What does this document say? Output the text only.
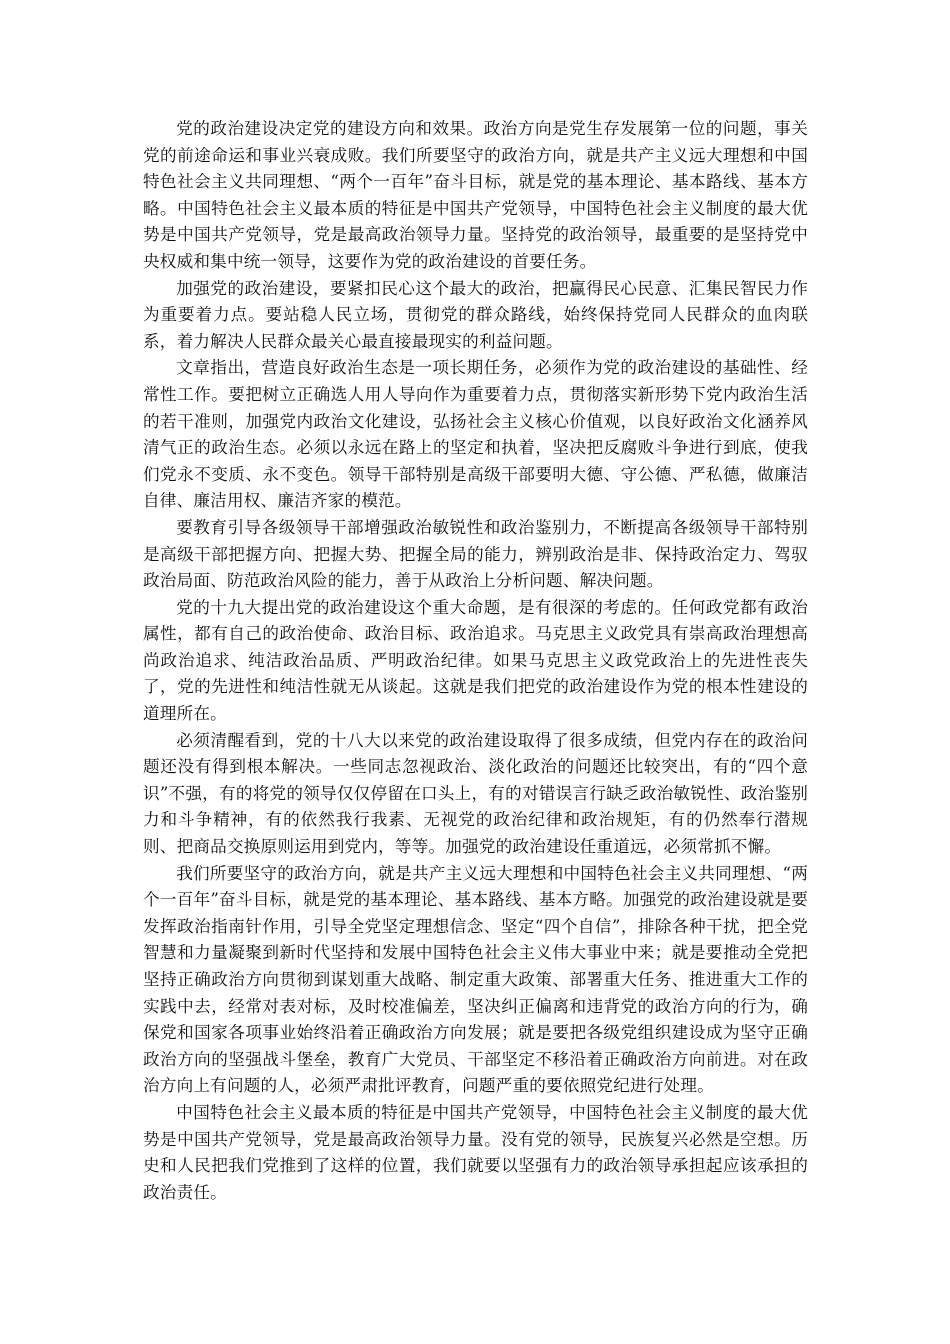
党的政治建设决定党的建设方向和效果。政治方向是党生存发展第一位的问题，事关党的前途命运和事业兴衰成败。我们所要坚守的政治方向，就是共产主义远大理想和中国特色社会主义共同理想、“两个一百年”奋斗目标，就是党的基本理论、基本路线、基本方略。中国特色社会主义最本质的特征是中国共产党领导，中国特色社会主义制度的最大优势是中国共产党领导，党是最高政治领导力量。坚持党的政治领导，最重要的是坚持党中央权威和集中统一领导，这要作为党的政治建设的首要任务。

加强党的政治建设，要紧扣民心这个最大的政治，把赢得民心民意、汇集民智民力作为重要着力点。要站稳人民立场，贯彻党的群众路线，始终保持党同人民群众的血肉联系，着力解决人民群众最关心最直接最现实的利益问题。

文章指出，营造良好政治生态是一项长期任务，必须作为党的政治建设的基础性、经常性工作。要把树立正确选人用人导向作为重要着力点，贯彻落实新形势下党内政治生活的若干准则，加强党内政治文化建设，弘扬社会主义核心价值观，以良好政治文化涵养风清气正的政治生态。必须以永远在路上的坚定和执着，坚决把反腐败斗争进行到底，使我们党永不变质、永不变色。领导干部特别是高级干部要明大德、守公德、严私德，做廉洁自律、廉洁用权、廉洁齐家的模范。

要教育引导各级领导干部增强政治敏锐性和政治鉴别力，不断提高各级领导干部特别是高级干部把握方向、把握大势、把握全局的能力，辨别政治是非、保持政治定力、驾驭政治局面、防范政治风险的能力，善于从政治上分析问题、解决问题。

党的十九大提出党的政治建设这个重大命题，是有很深的考虑的。任何政党都有政治属性，都有自己的政治使命、政治目标、政治追求。马克思主义政党具有崇高政治理想高尚政治追求、纯洁政治品质、严明政治纪律。如果马克思主义政党政治上的先进性丧失了，党的先进性和纯洁性就无从谈起。这就是我们把党的政治建设作为党的根本性建设的道理所在。

必须清醒看到，党的十八大以来党的政治建设取得了很多成绩，但党内存在的政治问题还没有得到根本解决。一些同志忽视政治、淡化政治的问题还比较突出，有的“四个意识”不强，有的将党的领导仅仅停留在口头上，有的对错误言行缺乏政治敏锐性、政治鉴别力和斗争精神，有的依然我行我素、无视党的政治纪律和政治规矩，有的仍然奉行潜规则、把商品交换原则运用到党内，等等。加强党的政治建设任重道远，必须常抓不懈。

我们所要坚守的政治方向，就是共产主义远大理想和中国特色社会主义共同理想、“两个一百年”奋斗目标，就是党的基本理论、基本路线、基本方略。加强党的政治建设就是要发挥政治指南针作用，引导全党坚定理想信念、坚定“四个自信”，排除各种干扰，把全党智慧和力量凝聚到新时代坚持和发展中国特色社会主义伟大事业中来；就是要推动全党把坚持正确政治方向贯彻到谋划重大战略、制定重大政策、部署重大任务、推进重大工作的实践中去，经常对表对标，及时校准偏差，坚决纠正偏离和违背党的政治方向的行为，确保党和国家各项事业始终沿着正确政治方向发展；就是要把各级党组织建设成为坚守正确政治方向的坚强战斗堡垒，教育广大党员、干部坚定不移沿着正确政治方向前进。对在政治方向上有问题的人，必须严肃批评教育，问题严重的要依照党纪进行处理。

中国特色社会主义最本质的特征是中国共产党领导，中国特色社会主义制度的最大优势是中国共产党领导，党是最高政治领导力量。没有党的领导，民族复兴必然是空想。历史和人民把我们党推到了这样的位置，我们就要以坚强有力的政治领导承担起应该承担的政治责任。
